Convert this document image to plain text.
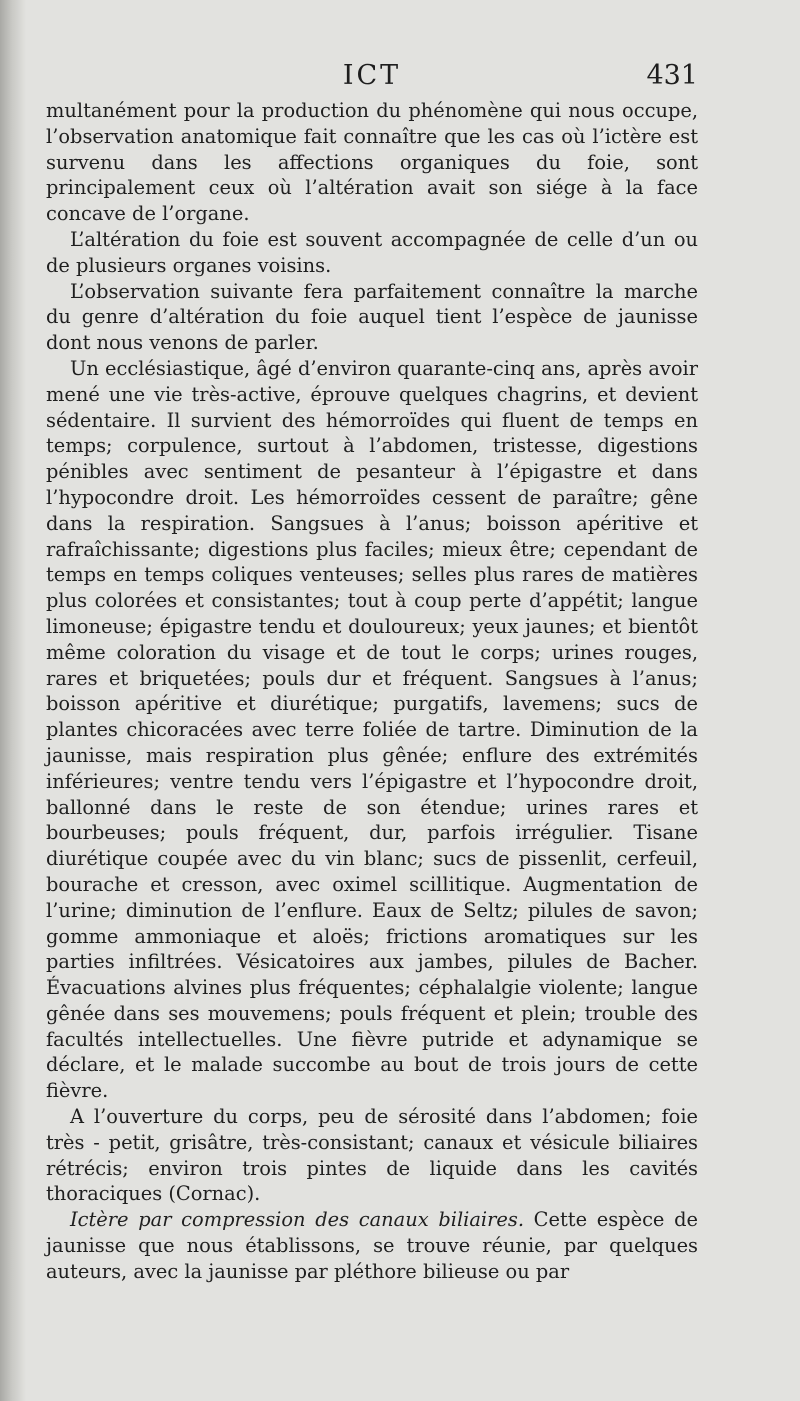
ICT	431

multanément pour la production du phénomène qui nous occupe, l’observation anatomique fait connaître que les cas où l’ictère est survenu dans les affections organiques du foie, sont principalement ceux où l’altération avait son siége à la face concave de l’organe.

L’altération du foie est souvent accompagnée de celle d’un ou de plusieurs organes voisins.

L’observation suivante fera parfaitement connaître la marche du genre d’altération du foie auquel tient l’espèce de jaunisse dont nous venons de parler.

Un ecclésiastique, âgé d’environ quarante-cinq ans, après avoir mené une vie très-active, éprouve quelques chagrins, et devient sédentaire. Il survient des hémorroïdes qui fluent de temps en temps; corpulence, surtout à l’abdomen, tristesse, digestions pénibles avec sentiment de pesanteur à l’épigastre et dans l’hypocondre droit. Les hémorroïdes cessent de paraître; gêne dans la respiration. Sangsues à l’anus; boisson apéritive et rafraîchissante; digestions plus faciles; mieux être; cependant de temps en temps coliques venteuses; selles plus rares de matières plus colorées et consistantes; tout à coup perte d’appétit; langue limoneuse; épigastre tendu et douloureux; yeux jaunes; et bientôt même coloration du visage et de tout le corps; urines rouges, rares et briquetées; pouls dur et fréquent. Sangsues à l’anus; boisson apéritive et diurétique; purgatifs, lavemens; sucs de plantes chicoracées avec terre foliée de tartre. Diminution de la jaunisse, mais respiration plus gênée; enflure des extrémités inférieures; ventre tendu vers l’épigastre et l’hypocondre droit, ballonné dans le reste de son étendue; urines rares et bourbeuses; pouls fréquent, dur, parfois irrégulier. Tisane diurétique coupée avec du vin blanc; sucs de pissenlit, cerfeuil, bourache et cresson, avec oximel scillitique. Augmentation de l’urine; diminution de l’enflure. Eaux de Seltz; pilules de savon; gomme ammoniaque et aloës; frictions aromatiques sur les parties infiltrées. Vésicatoires aux jambes, pilules de Bacher. Évacuations alvines plus fréquentes; céphalalgie violente; langue gênée dans ses mouvemens; pouls fréquent et plein; trouble des facultés intellectuelles. Une fièvre putride et adynamique se déclare, et le malade succombe au bout de trois jours de cette fièvre.

A l’ouverture du corps, peu de sérosité dans l’abdomen; foie très - petit, grisâtre, très-consistant; canaux et vésicule biliaires rétrécis; environ trois pintes de liquide dans les cavités thoraciques (Cornac).

Ictère par compression des canaux biliaires. Cette espèce de jaunisse que nous établissons, se trouve réunie, par quelques auteurs, avec la jaunisse par pléthore bilieuse ou par
